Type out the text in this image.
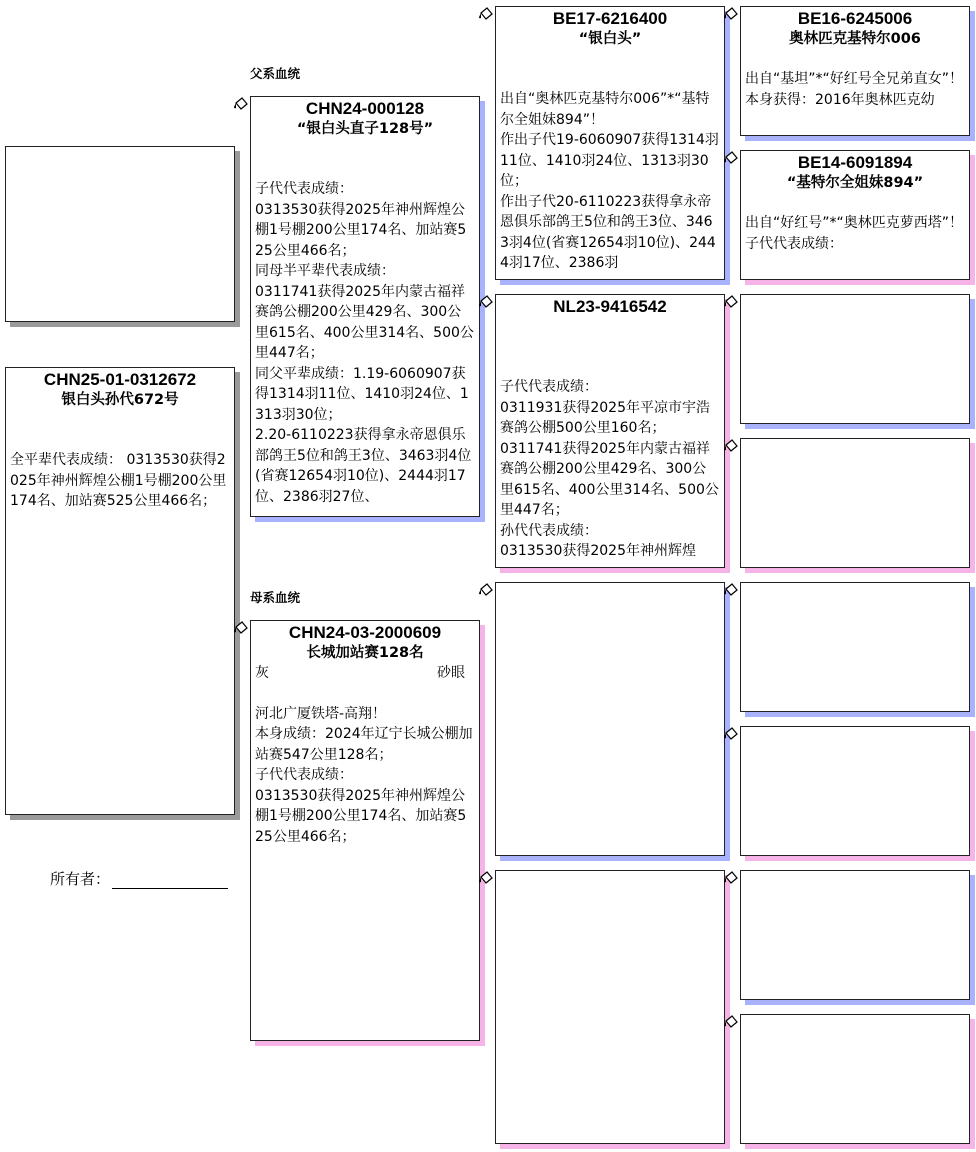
父系血统
母系血统
CHN25-01-0312672
银白头孙代672号
全平辈代表成绩： 0313530获得2025年神州辉煌公棚1号棚200公里174名、加站赛525公里466名；
所有者：
CHN24-000128
“银白头直子128号”
子代代表成绩：
0313530获得2025年神州辉煌公棚1号棚200公里174名、加站赛525公里466名；
同母半平辈代表成绩：
0311741获得2025年内蒙古福祥赛鸽公棚200公里429名、300公里615名、400公里314名、500公里447名；
同父平辈成绩：1.19-6060907获得1314羽11位、1410羽24位、1313羽30位；
2.20-6110223获得拿永帝恩俱乐部鸽王5位和鸽王3位、3463羽4位(省赛12654羽10位)、2444羽17位、2386羽27位、
CHN24-03-2000609
长城加站赛128名
灰	砂眼
河北广厦铁塔-高翔！
本身成绩：2024年辽宁长城公棚加站赛547公里128名；
子代代表成绩：
0313530获得2025年神州辉煌公棚1号棚200公里174名、加站赛525公里466名；
BE17-6216400
“银白头”
出自“奥林匹克基特尔006”*“基特尔全姐妹894”！
作出子代19-6060907获得1314羽11位、1410羽24位、1313羽30位；
作出子代20-6110223获得拿永帝恩俱乐部鸽王5位和鸽王3位、3463羽4位(省赛12654羽10位)、2444羽17位、2386羽
NL23-9416542
子代代表成绩：
0311931获得2025年平凉市宇浩赛鸽公棚500公里160名；
0311741获得2025年内蒙古福祥赛鸽公棚200公里429名、300公里615名、400公里314名、500公里447名；
孙代代表成绩：
0313530获得2025年神州辉煌
BE16-6245006
奥林匹克基特尔006
出自“基坦”*“好红号全兄弟直女”！
本身获得：2016年奥林匹克幼
BE14-6091894
“基特尔全姐妹894”
出自“好红号”*“奥林匹克萝西塔”！
子代代表成绩：
